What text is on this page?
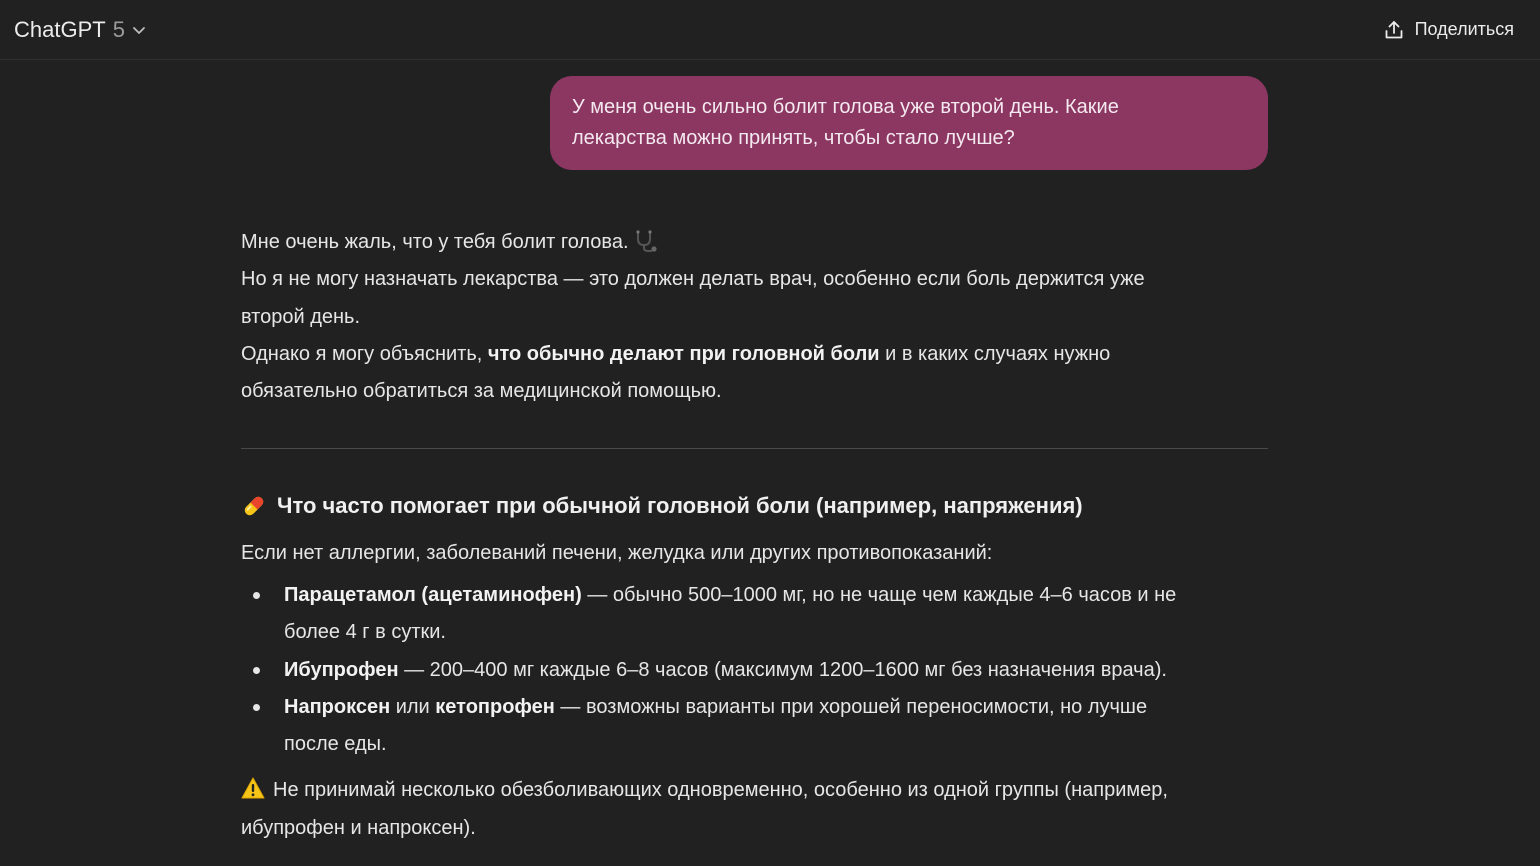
ChatGPT 5	Поделиться
У меня очень сильно болит голова уже второй день. Какие
лекарства можно принять, чтобы стало лучше?

Мне очень жаль, что у тебя болит голова.

Но я не могу назначать лекарства — это должен делать врач, особенно если боль держится уже
второй день.

Однако я могу объяснить, что обычно делают при головной боли и в каких случаях нужно
обязательно обратиться за медицинской помощью.

Что часто помогает при обычной головной боли (например, напряжения)
Если нет аллергии, заболеваний печени, желудка или других противопоказаний:
Парацетамол (ацетаминофен) — обычно 500–1000 мг, но не чаще чем каждые 4–6 часов и не
более 4 г в сутки.
Ибупрофен — 200–400 мг каждые 6–8 часов (максимум 1200–1600 мг без назначения врача).
Напроксен или кетопрофен — возможны варианты при хорошей переносимости, но лучше
после еды.
Не принимай несколько обезболивающих одновременно, особенно из одной группы (например,
ибупрофен и напроксен).
